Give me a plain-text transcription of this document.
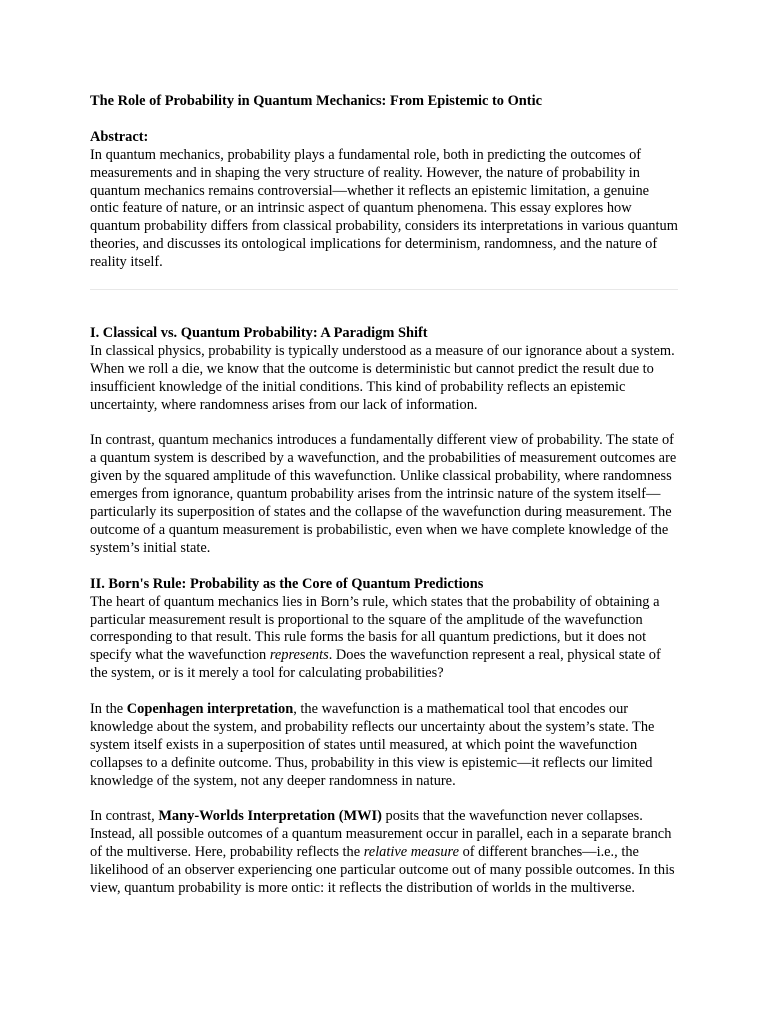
The Role of Probability in Quantum Mechanics: From Epistemic to Ontic
Abstract:

In quantum mechanics, probability plays a fundamental role, both in predicting the outcomes of measurements and in shaping the very structure of reality. However, the nature of probability in quantum mechanics remains controversial—whether it reflects an epistemic limitation, a genuine ontic feature of nature, or an intrinsic aspect of quantum phenomena. This essay explores how quantum probability differs from classical probability, considers its interpretations in various quantum theories, and discusses its ontological implications for determinism, randomness, and the nature of reality itself.

I. Classical vs. Quantum Probability: A Paradigm Shift

In classical physics, probability is typically understood as a measure of our ignorance about a system. When we roll a die, we know that the outcome is deterministic but cannot predict the result due to insufficient knowledge of the initial conditions. This kind of probability reflects an epistemic uncertainty, where randomness arises from our lack of information.

In contrast, quantum mechanics introduces a fundamentally different view of probability. The state of a quantum system is described by a wavefunction, and the probabilities of measurement outcomes are given by the squared amplitude of this wavefunction. Unlike classical probability, where randomness emerges from ignorance, quantum probability arises from the intrinsic nature of the system itself—particularly its superposition of states and the collapse of the wavefunction during measurement. The outcome of a quantum measurement is probabilistic, even when we have complete knowledge of the system’s initial state.

II. Born's Rule: Probability as the Core of Quantum Predictions

The heart of quantum mechanics lies in Born’s rule, which states that the probability of obtaining a particular measurement result is proportional to the square of the amplitude of the wavefunction corresponding to that result. This rule forms the basis for all quantum predictions, but it does not specify what the wavefunction represents. Does the wavefunction represent a real, physical state of the system, or is it merely a tool for calculating probabilities?

In the Copenhagen interpretation, the wavefunction is a mathematical tool that encodes our knowledge about the system, and probability reflects our uncertainty about the system’s state. The system itself exists in a superposition of states until measured, at which point the wavefunction collapses to a definite outcome. Thus, probability in this view is epistemic—it reflects our limited knowledge of the system, not any deeper randomness in nature.

In contrast, Many-Worlds Interpretation (MWI) posits that the wavefunction never collapses. Instead, all possible outcomes of a quantum measurement occur in parallel, each in a separate branch of the multiverse. Here, probability reflects the relative measure of different branches—i.e., the likelihood of an observer experiencing one particular outcome out of many possible outcomes. In this view, quantum probability is more ontic: it reflects the distribution of worlds in the multiverse.
